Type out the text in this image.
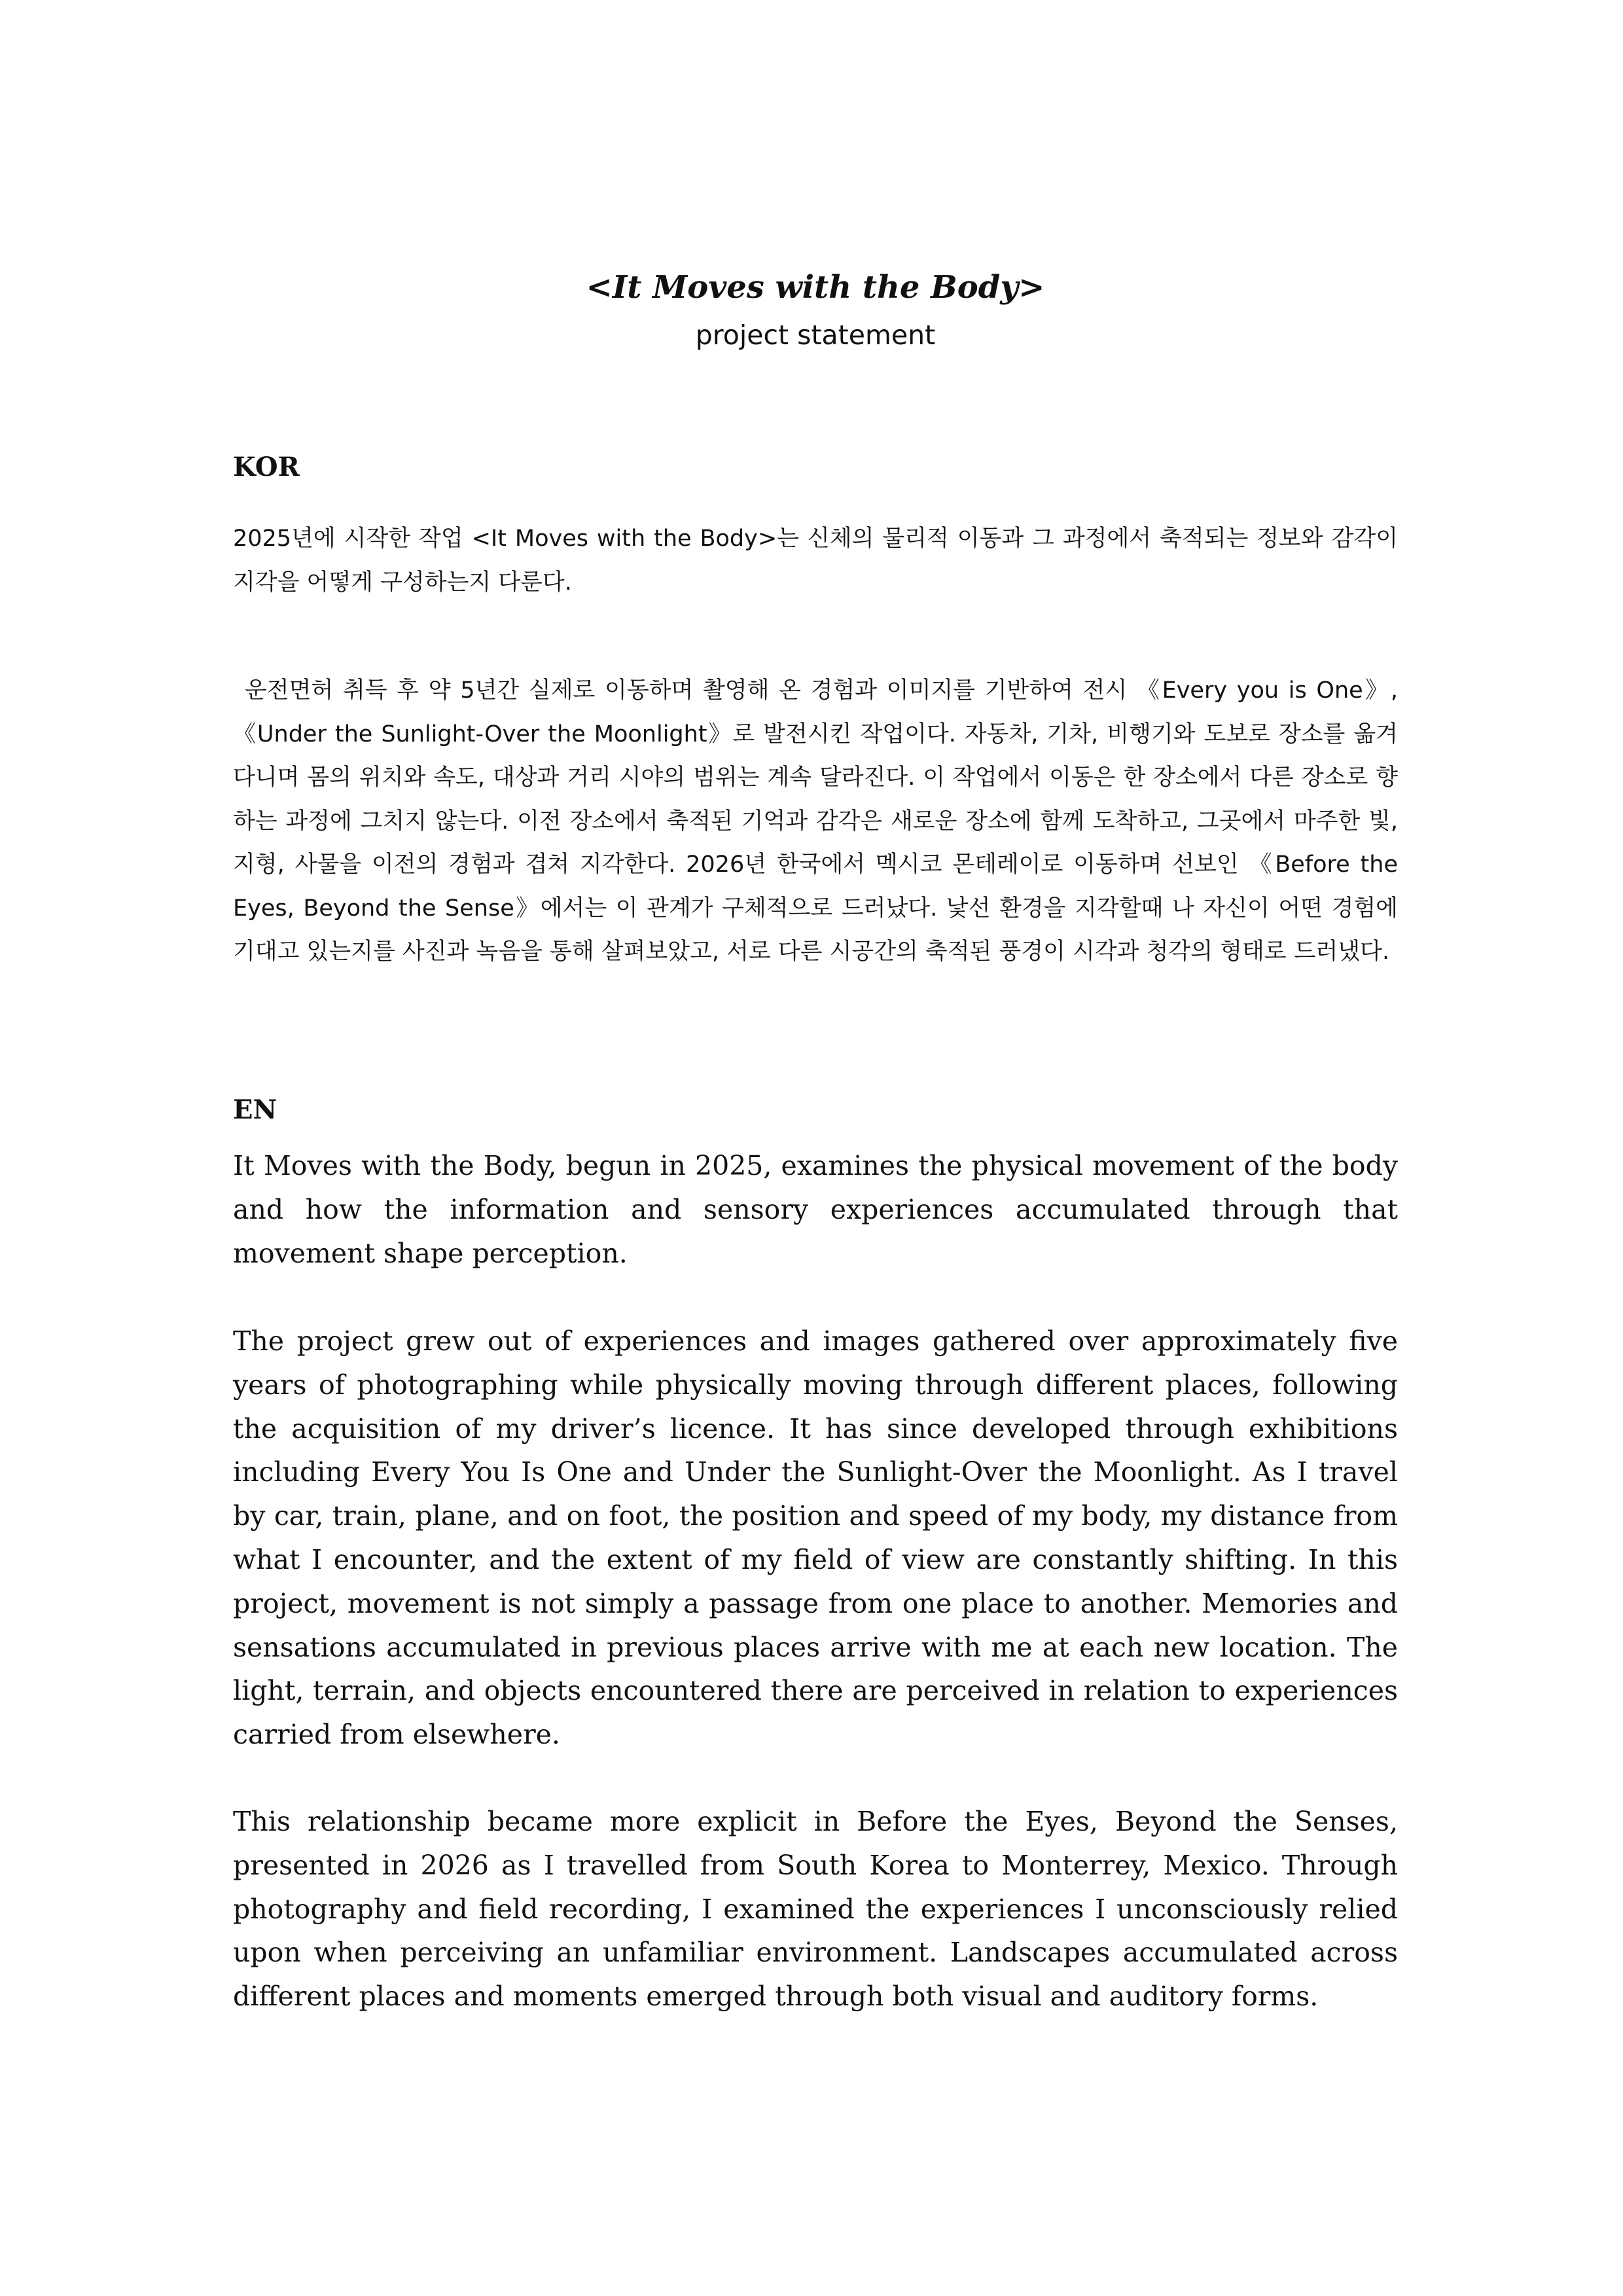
<It Moves with the Body>
project statement
KOR

2025년에 시작한 작업 <It Moves with the Body>는 신체의 물리적 이동과 그 과정에서 축적되는 정보와 감각이 지각을 어떻게 구성하는지 다룬다.

운전면허 취득 후 약 5년간 실제로 이동하며 촬영해 온 경험과 이미지를 기반하여 전시 《Every you is One》,《Under the Sunlight-Over the Moonlight》로 발전시킨 작업이다. 자동차, 기차, 비행기와 도보로 장소를 옮겨다니며 몸의 위치와 속도, 대상과 거리 시야의 범위는 계속 달라진다. 이 작업에서 이동은 한 장소에서 다른 장소로 향하는 과정에 그치지 않는다. 이전 장소에서 축적된 기억과 감각은 새로운 장소에 함께 도착하고, 그곳에서 마주한 빛, 지형, 사물을 이전의 경험과 겹쳐 지각한다. 2026년 한국에서 멕시코 몬테레이로 이동하며 선보인 《Before the Eyes, Beyond the Sense》에서는 이 관계가 구체적으로 드러났다. 낯선 환경을 지각할때 나 자신이 어떤 경험에 기대고 있는지를 사진과 녹음을 통해 살펴보았고, 서로 다른 시공간의 축적된 풍경이 시각과 청각의 형태로 드러냈다.

EN

It Moves with the Body, begun in 2025, examines the physical movement of the body and how the information and sensory experiences accumulated through that movement shape perception.

The project grew out of experiences and images gathered over approximately five years of photographing while physically moving through different places, following the acquisition of my driver’s licence. It has since developed through exhibitions including Every You Is One and Under the Sunlight-Over the Moonlight. As I travel by car, train, plane, and on foot, the position and speed of my body, my distance from what I encounter, and the extent of my field of view are constantly shifting. In this project, movement is not simply a passage from one place to another. Memories and sensations accumulated in previous places arrive with me at each new location. The light, terrain, and objects encountered there are perceived in relation to experiences carried from elsewhere.

This relationship became more explicit in Before the Eyes, Beyond the Senses, presented in 2026 as I travelled from South Korea to Monterrey, Mexico. Through photography and field recording, I examined the experiences I unconsciously relied upon when perceiving an unfamiliar environment. Landscapes accumulated across different places and moments emerged through both visual and auditory forms.
